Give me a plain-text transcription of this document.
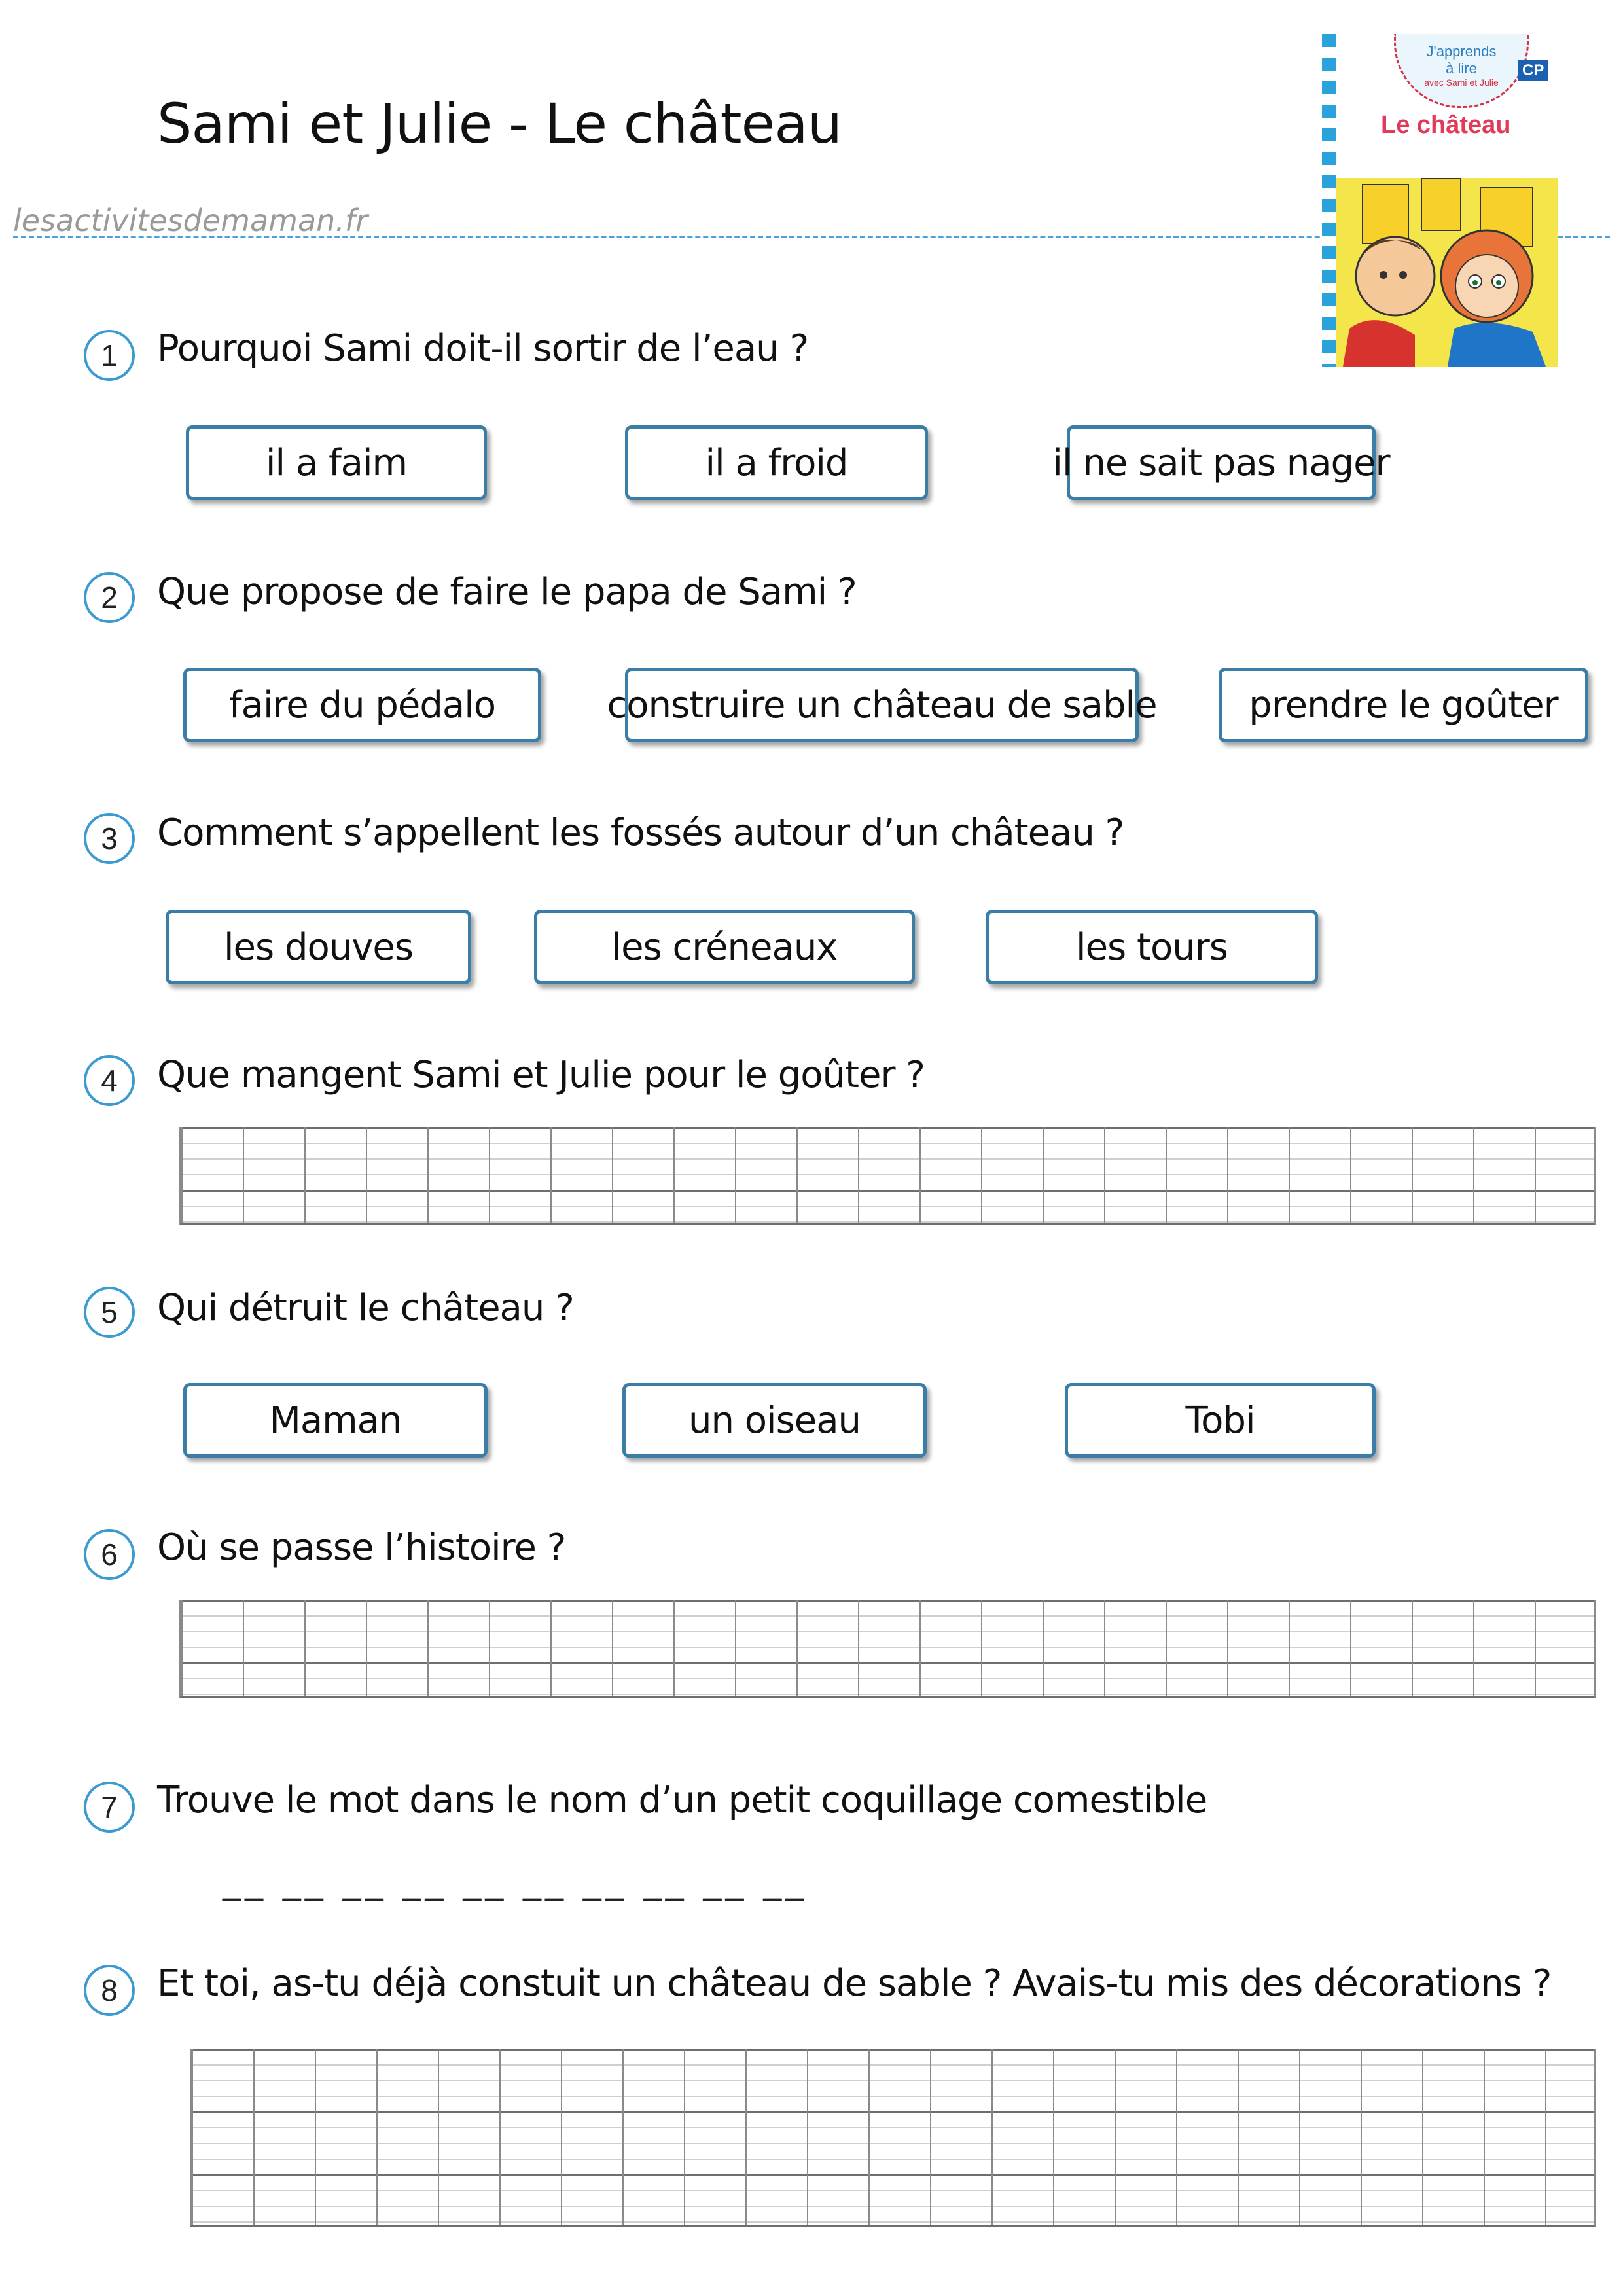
Sami et Julie - Le château
lesactivitesdemaman.fr
J'apprends
à lire
avec Sami et Julie
CP
Le château
1	Pourquoi Sami doit-il sortir de l’eau ?
il a faim	il a froid	il ne sait pas nager
2	Que propose de faire le papa de Sami ?
faire du pédalo	construire un château de sable	prendre le goûter
3	Comment s’appellent les fossés autour d’un château ?
les douves	les créneaux	les tours
4	Que mangent Sami et Julie pour le goûter ?
5	Qui détruit le château ?
Maman	un oiseau	Tobi
6	Où se passe l’histoire ?
7	Trouve le mot dans le nom d’un petit coquillage comestible
__ __ __ __ __ __ __ __ __ __
8	Et toi, as-tu déjà constuit un château de sable ? Avais-tu mis des décorations ?
